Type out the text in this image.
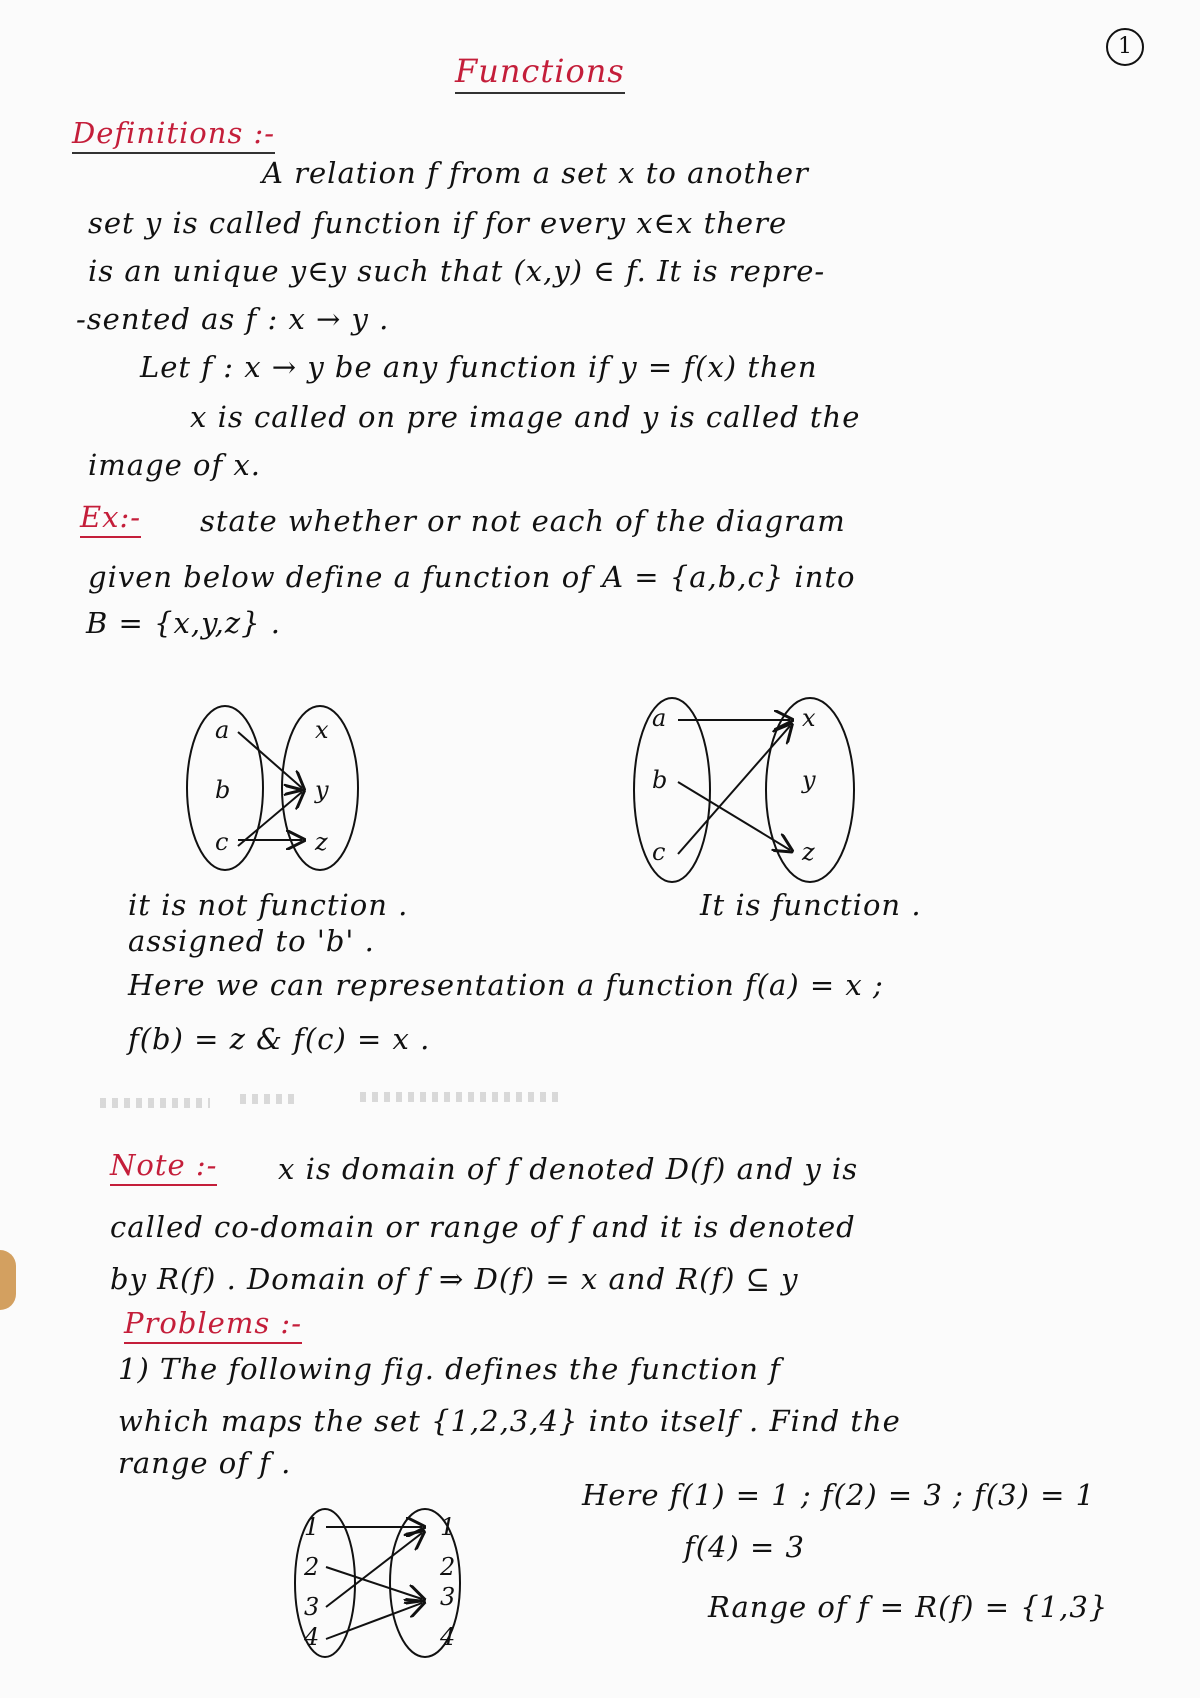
1
Functions
Definitions :-
A relation f from a set x to another
set y is called function if for every x∈x there
is an unique y∈y such that (x,y) ∈ f. It is repre-
-sented as f : x → y .
Let f : x → y be any function if y = f(x) then
x is called on pre image and y is called the
image of x.
Ex:- state whether or not each of the diagram
given below define a function of A = {a,b,c} into
B = {x,y,z} .
a
b
c
x
y
z
a
b
c
x
y
z
it is not function .
assigned to 'b' .
It is function .
Here we can representation a function f(a) = x ;
f(b) = z & f(c) = x .
Note :- x is domain of f denoted D(f) and y is
called co-domain or range of f and it is denoted
by R(f) . Domain of f ⇒ D(f) = x and R(f) ⊆ y
Problems :-
1) The following fig. defines the function f
which maps the set {1,2,3,4} into itself . Find the
range of f .
1
2
3
4
1
2
3
4
Here f(1) = 1 ; f(2) = 3 ; f(3) = 1
f(4) = 3
Range of f = R(f) = {1,3}
